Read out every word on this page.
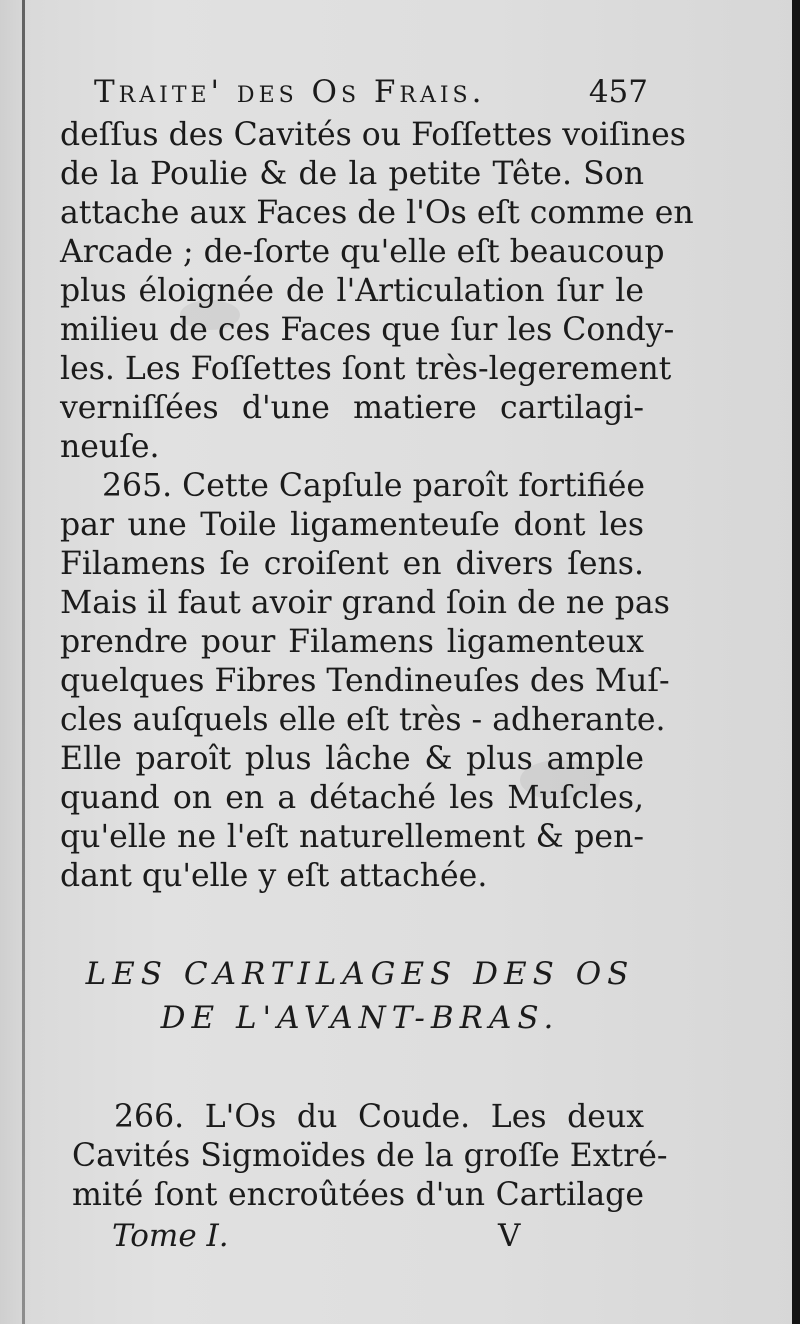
Traite' des Os Frais.	457
deſſus des Cavités ou Foſſettes voiſines
de la Poulie & de la petite Tête. Son
attache aux Faces de l'Os eſt comme en
Arcade ; de-ſorte qu'elle eſt beaucoup
plus éloignée de l'Articulation ſur le
milieu de ces Faces que ſur les Condy-
les. Les Foſſettes ſont très-legerement
verniſſées d'une matiere cartilagi-
neuſe.
265. Cette Capſule paroît fortifiée
par une Toile ligamenteuſe dont les
Filamens ſe croiſent en divers ſens.
Mais il faut avoir grand ſoin de ne pas
prendre pour Filamens ligamenteux
quelques Fibres Tendineuſes des Muſ-
cles auſquels elle eſt très - adherante.
Elle paroît plus lâche & plus ample
quand on en a détaché les Muſcles,
qu'elle ne l'eſt naturellement & pen-
dant qu'elle y eſt attachée.
LES CARTILAGES DES OS
DE L'AVANT-BRAS.
266. L'Os du Coude. Les deux
Cavités Sigmoïdes de la groſſe Extré-
mité ſont encroûtées d'un Cartilage
Tome I.	V
